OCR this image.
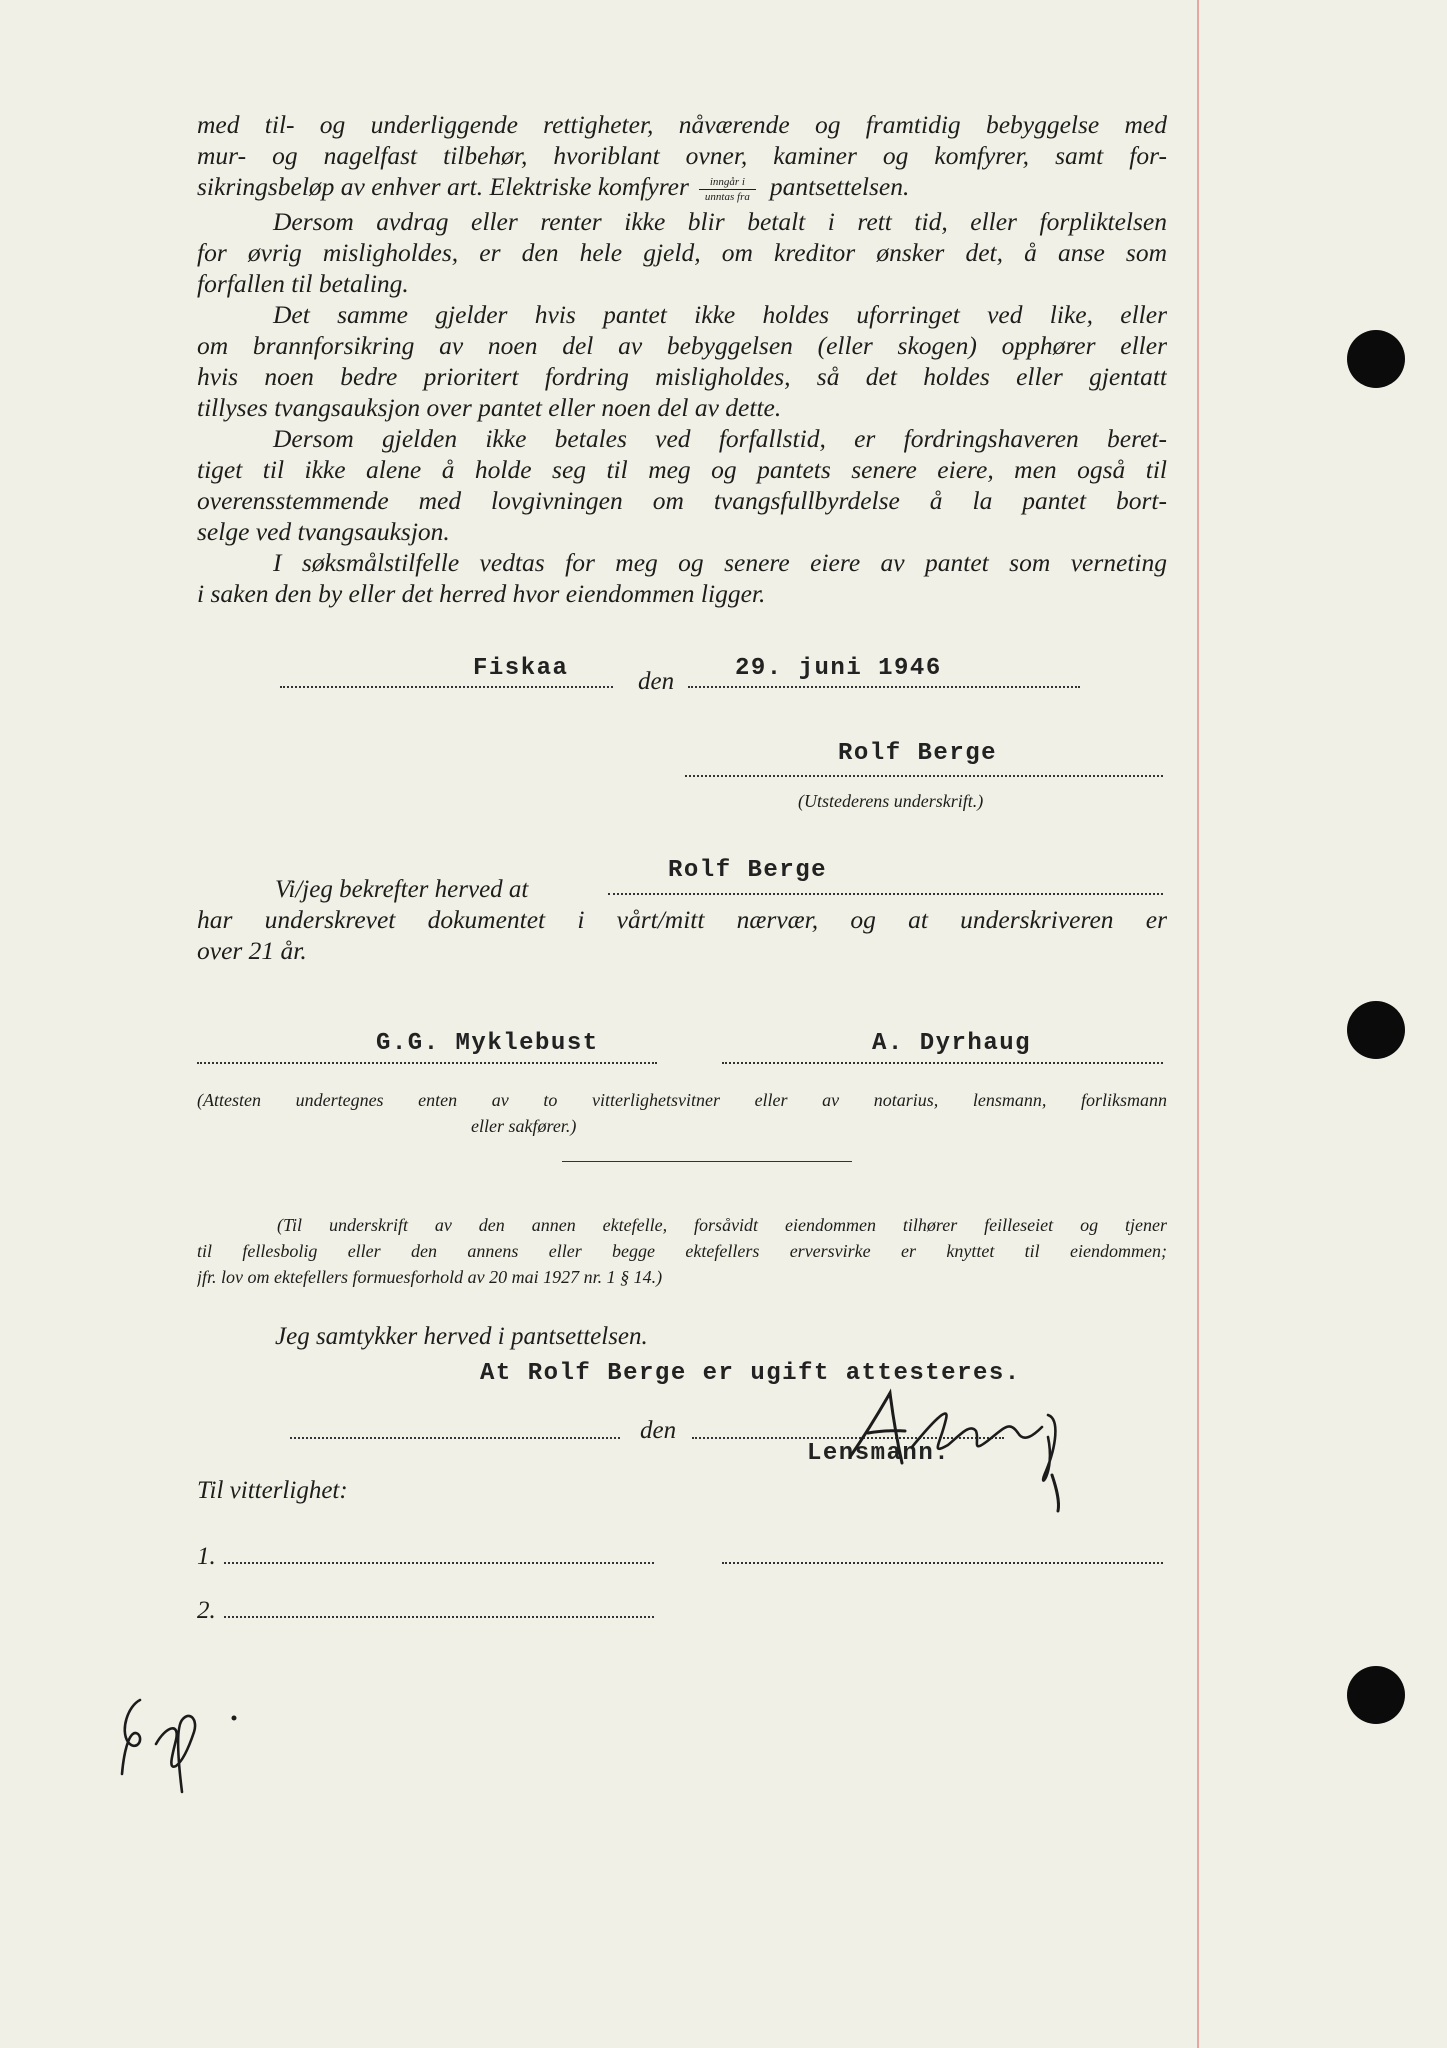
med til- og underliggende rettigheter, nåværende og framtidig bebyggelse med

mur- og nagelfast tilbehør, hvoriblant ovner, kaminer og komfyrer, samt for-

sikringsbeløp av enhver art. Elektriske komfyrer $\frac{\text{inngår i}}{\text{unntas fra}}$ pantsettelsen.

Dersom avdrag eller renter ikke blir betalt i rett tid, eller forpliktelsen

for øvrig misligholdes, er den hele gjeld, om kreditor ønsker det, å anse som

forfallen til betaling.

Det samme gjelder hvis pantet ikke holdes uforringet ved like, eller

om brannforsikring av noen del av bebyggelsen (eller skogen) opphører eller

hvis noen bedre prioritert fordring misligholdes, så det holdes eller gjentatt

tillyses tvangsauksjon over pantet eller noen del av dette.

Dersom gjelden ikke betales ved forfallstid, er fordringshaveren beret-

tiget til ikke alene å holde seg til meg og pantets senere eiere, men også til

overensstemmende med lovgivningen om tvangsfullbyrdelse å la pantet bort-

selge ved tvangsauksjon.

I søksmålstilfelle vedtas for meg og senere eiere av pantet som verneting

i saken den by eller det herred hvor eiendommen ligger.

Fiskaa	den	29. juni 1946
Rolf Berge
(Utstederens underskrift.)
Rolf Berge
Vi/jeg bekrefter herved at

har underskrevet dokumentet i vårt/mitt nærvær, og at underskriveren er

over 21 år.

G.G. Myklebust	A. Dyrhaug

(Attesten undertegnes enten av to vitterlighetsvitner eller av notarius, lensmann, forliksmann
eller sakfører.)

(Til underskrift av den annen ektefelle, forsåvidt eiendommen tilhører feilleseiet og tjener
til fellesbolig eller den annens eller begge ektefellers erversvirke er knyttet til eiendommen;
jfr. lov om ektefellers formuesforhold av 20 mai 1927 nr. 1 § 14.)

Jeg samtykker herved i pantsettelsen.
At Rolf Berge er ugift attesteres.
den
Lensmann.
Til vitterlighet:
1.
2.
